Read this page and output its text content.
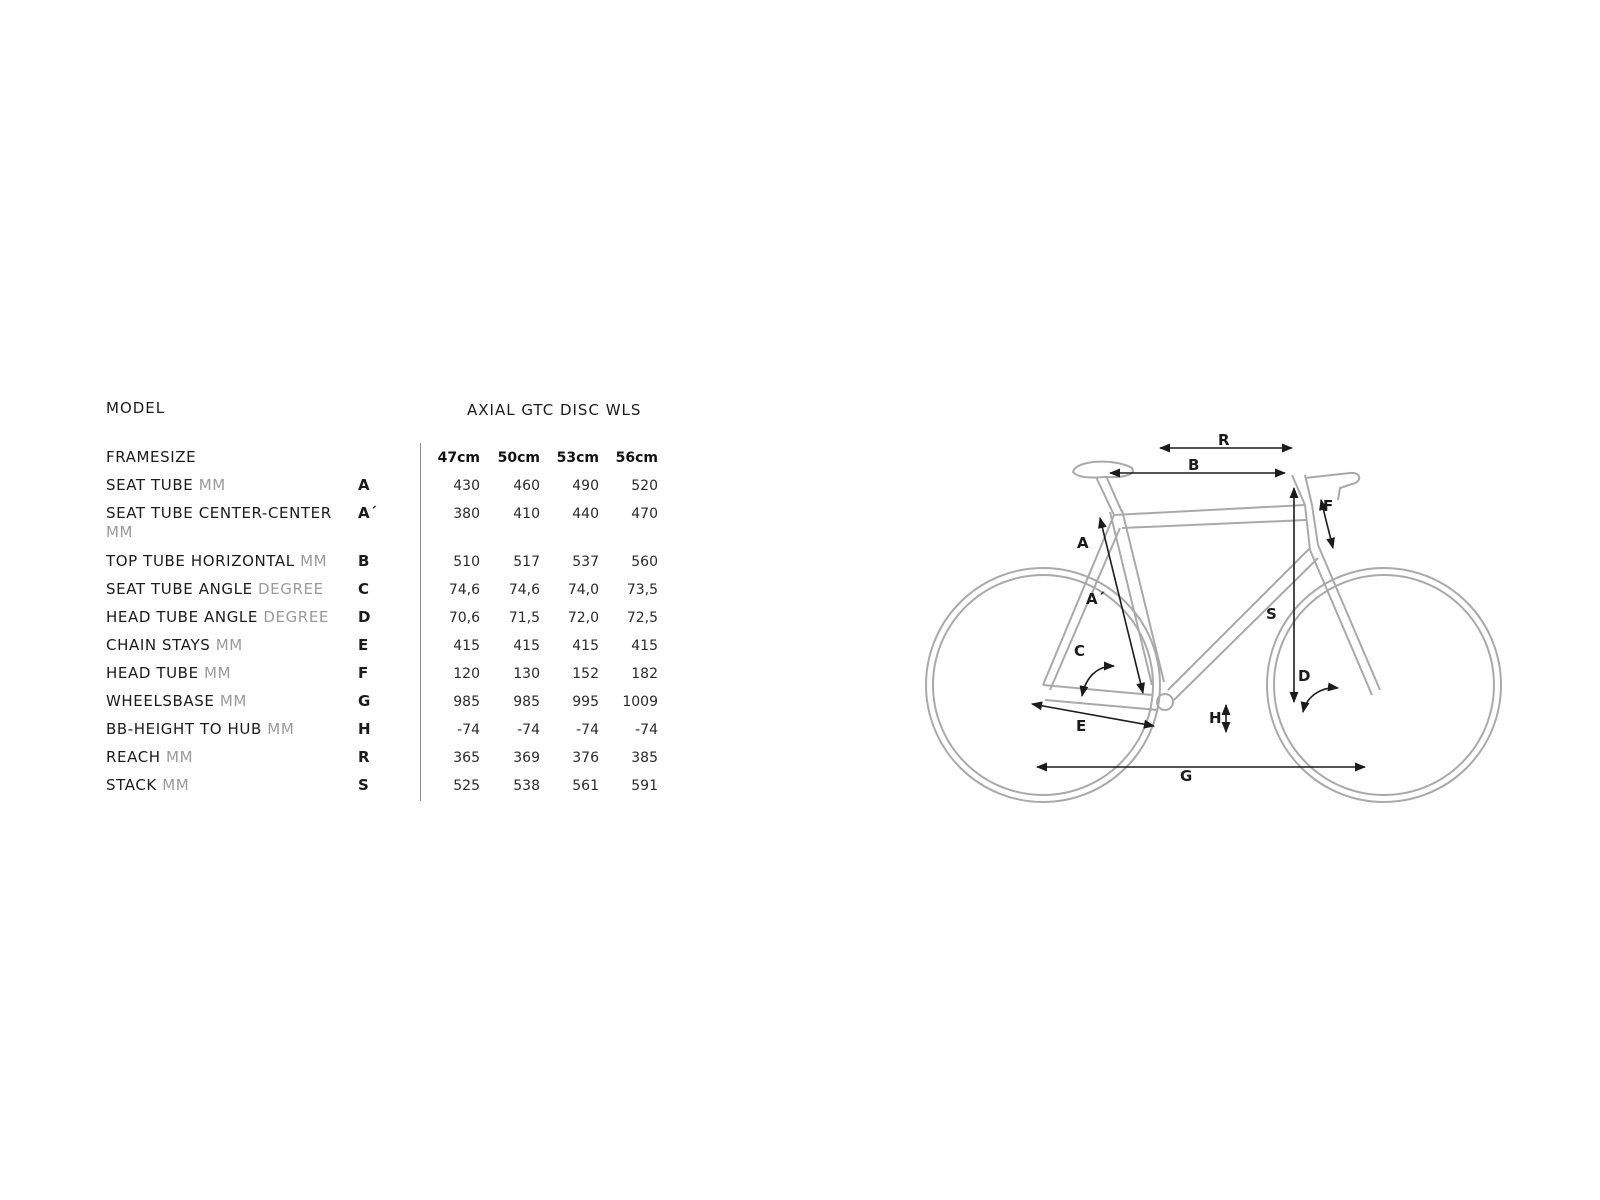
MODEL	AXIAL GTC DISC WLS
FRAMESIZE	47cm 50cm 53cm 56cm
SEAT TUBE MM	A	430	460	490	520
SEAT TUBE CENTER-CENTER
MM
A´	380	410	440	470
TOP TUBE HORIZONTAL MM	B	510	517	537	560
SEAT TUBE ANGLE DEGREE	C	74,6	74,6	74,0	73,5
HEAD TUBE ANGLE DEGREE	D	70,6	71,5	72,0	72,5
CHAIN STAYS MM	E	415	415	415	415
HEAD TUBE MM	F	120	130	152	182
WHEELSBASE MM	G	985	985	995	1009
BB-HEIGHT TO HUB MM	H	-74	-74	-74	-74
REACH MM	R	365	369	376	385
STACK MM	S	525	538	561	591
R
B
A
A´
C
D
F
S
H
E
G
